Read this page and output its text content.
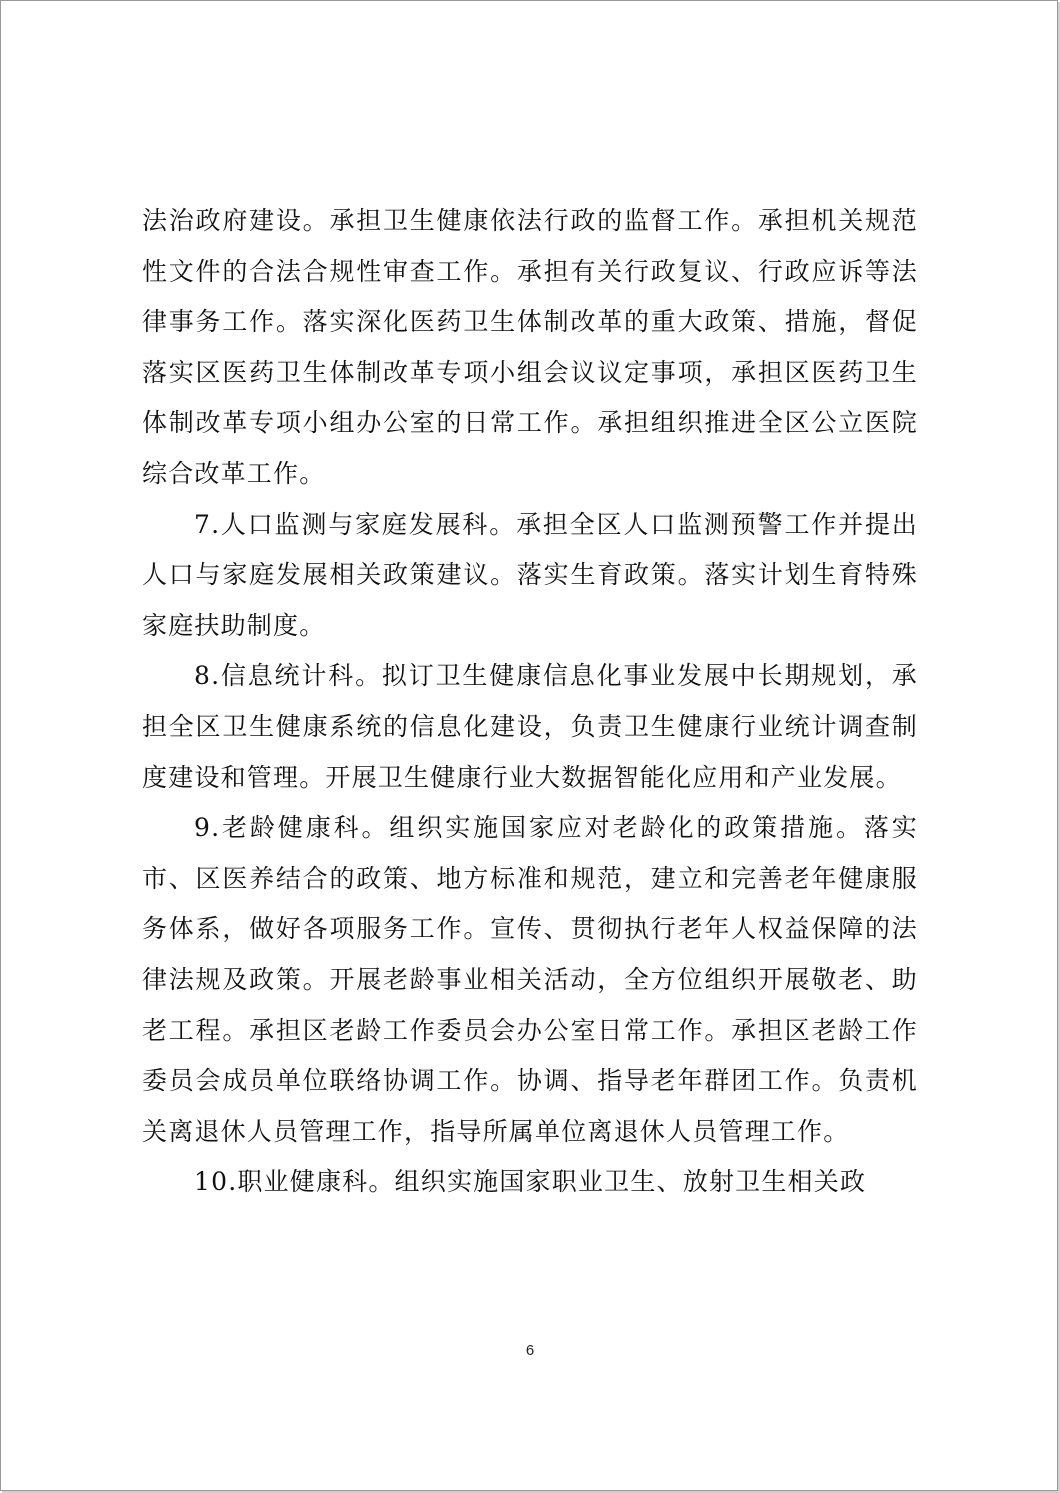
法治政府建设。承担卫生健康依法行政的监督工作。承担机关规范性文件的合法合规性审查工作。承担有关行政复议、行政应诉等法律事务工作。落实深化医药卫生体制改革的重大政策、措施，督促落实区医药卫生体制改革专项小组会议议定事项，承担区医药卫生体制改革专项小组办公室的日常工作。承担组织推进全区公立医院综合改革工作。

7.人口监测与家庭发展科。承担全区人口监测预警工作并提出人口与家庭发展相关政策建议。落实生育政策。落实计划生育特殊家庭扶助制度。

8.信息统计科。拟订卫生健康信息化事业发展中长期规划，承担全区卫生健康系统的信息化建设，负责卫生健康行业统计调查制度建设和管理。开展卫生健康行业大数据智能化应用和产业发展。

9.老龄健康科。组织实施国家应对老龄化的政策措施。落实市、区医养结合的政策、地方标准和规范，建立和完善老年健康服务体系，做好各项服务工作。宣传、贯彻执行老年人权益保障的法律法规及政策。开展老龄事业相关活动，全方位组织开展敬老、助老工程。承担区老龄工作委员会办公室日常工作。承担区老龄工作委员会成员单位联络协调工作。协调、指导老年群团工作。负责机关离退休人员管理工作，指导所属单位离退休人员管理工作。

10.职业健康科。组织实施国家职业卫生、放射卫生相关政

6
